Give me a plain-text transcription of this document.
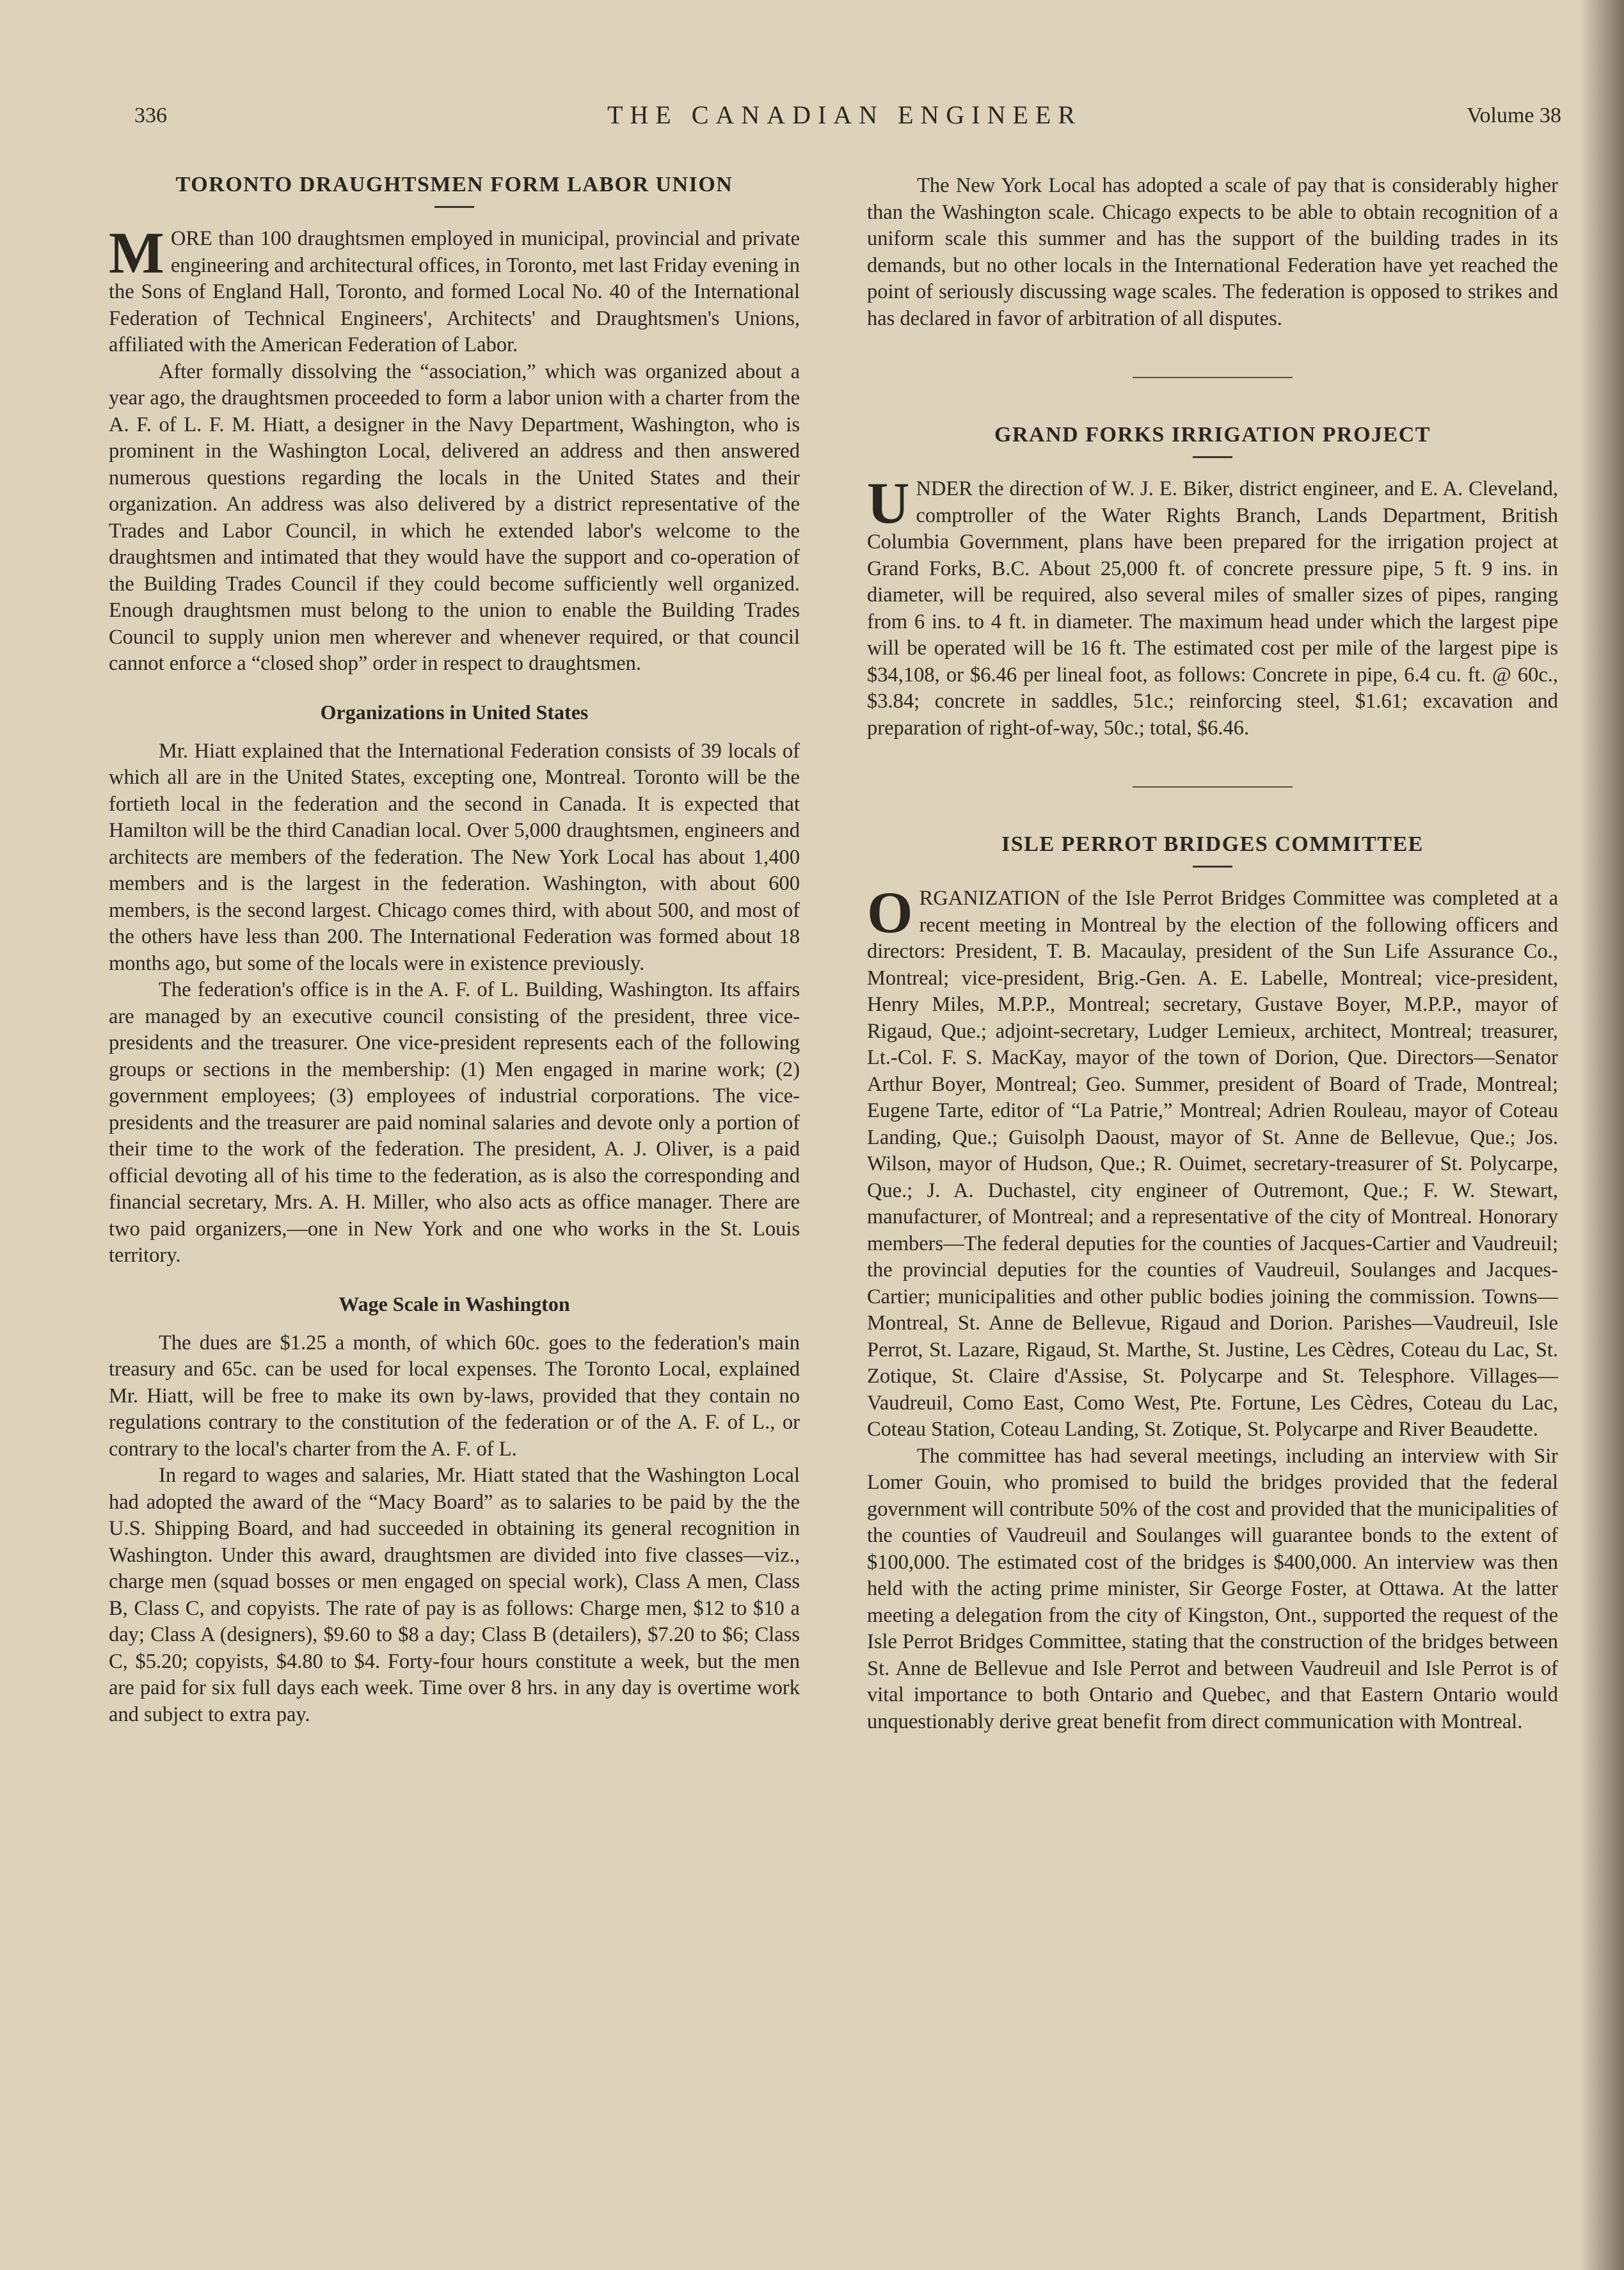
336	THE CANADIAN ENGINEER	Volume 38
TORONTO DRAUGHTSMEN FORM LABOR UNION

MORE than 100 draughtsmen employed in municipal, provincial and private engineering and architectural offices, in Toronto, met last Friday evening in the Sons of England Hall, Toronto, and formed Local No. 40 of the International Federation of Technical Engineers', Architects' and Draughtsmen's Unions, affiliated with the American Federation of Labor.

After formally dissolving the “association,” which was organized about a year ago, the draughtsmen proceeded to form a labor union with a charter from the A. F. of L. F. M. Hiatt, a designer in the Navy Department, Washington, who is prominent in the Washington Local, delivered an address and then answered numerous questions regarding the locals in the United States and their organization. An address was also delivered by a district representative of the Trades and Labor Council, in which he extended labor's welcome to the draughtsmen and intimated that they would have the support and co-operation of the Building Trades Council if they could become sufficiently well organized. Enough draughtsmen must belong to the union to enable the Building Trades Council to supply union men wherever and whenever required, or that council cannot enforce a “closed shop” order in respect to draughtsmen.

Organizations in United States

Mr. Hiatt explained that the International Federation consists of 39 locals of which all are in the United States, excepting one, Montreal. Toronto will be the fortieth local in the federation and the second in Canada. It is expected that Hamilton will be the third Canadian local. Over 5,000 draughtsmen, engineers and architects are members of the federation. The New York Local has about 1,400 members and is the largest in the federation. Washington, with about 600 members, is the second largest. Chicago comes third, with about 500, and most of the others have less than 200. The International Federation was formed about 18 months ago, but some of the locals were in existence previously.

The federation's office is in the A. F. of L. Building, Washington. Its affairs are managed by an executive council consisting of the president, three vice-presidents and the treasurer. One vice-president represents each of the following groups or sections in the membership: (1) Men engaged in marine work; (2) government employees; (3) employees of industrial corporations. The vice-presidents and the treasurer are paid nominal salaries and devote only a portion of their time to the work of the federation. The president, A. J. Oliver, is a paid official devoting all of his time to the federation, as is also the corresponding and financial secretary, Mrs. A. H. Miller, who also acts as office manager. There are two paid organizers,—one in New York and one who works in the St. Louis territory.

Wage Scale in Washington

The dues are $1.25 a month, of which 60c. goes to the federation's main treasury and 65c. can be used for local expenses. The Toronto Local, explained Mr. Hiatt, will be free to make its own by-laws, provided that they contain no regulations contrary to the constitution of the federation or of the A. F. of L., or contrary to the local's charter from the A. F. of L.

In regard to wages and salaries, Mr. Hiatt stated that the Washington Local had adopted the award of the “Macy Board” as to salaries to be paid by the the U.S. Shipping Board, and had succeeded in obtaining its general recognition in Washington. Under this award, draughtsmen are divided into five classes—viz., charge men (squad bosses or men engaged on special work), Class A men, Class B, Class C, and copyists. The rate of pay is as follows: Charge men, $12 to $10 a day; Class A (designers), $9.60 to $8 a day; Class B (detailers), $7.20 to $6; Class C, $5.20; copyists, $4.80 to $4. Forty-four hours constitute a week, but the men are paid for six full days each week. Time over 8 hrs. in any day is overtime work and subject to extra pay.

The New York Local has adopted a scale of pay that is considerably higher than the Washington scale. Chicago expects to be able to obtain recognition of a uniform scale this summer and has the support of the building trades in its demands, but no other locals in the International Federation have yet reached the point of seriously discussing wage scales. The federation is opposed to strikes and has declared in favor of arbitration of all disputes.

GRAND FORKS IRRIGATION PROJECT

UNDER the direction of W. J. E. Biker, district engineer, and E. A. Cleveland, comptroller of the Water Rights Branch, Lands Department, British Columbia Government, plans have been prepared for the irrigation project at Grand Forks, B.C. About 25,000 ft. of concrete pressure pipe, 5 ft. 9 ins. in diameter, will be required, also several miles of smaller sizes of pipes, ranging from 6 ins. to 4 ft. in diameter. The maximum head under which the largest pipe will be operated will be 16 ft. The estimated cost per mile of the largest pipe is $34,108, or $6.46 per lineal foot, as follows: Concrete in pipe, 6.4 cu. ft. @ 60c., $3.84; concrete in saddles, 51c.; reinforcing steel, $1.61; excavation and preparation of right-of-way, 50c.; total, $6.46.

ISLE PERROT BRIDGES COMMITTEE

ORGANIZATION of the Isle Perrot Bridges Committee was completed at a recent meeting in Montreal by the election of the following officers and directors: President, T. B. Macaulay, president of the Sun Life Assurance Co., Montreal; vice-president, Brig.-Gen. A. E. Labelle, Montreal; vice-president, Henry Miles, M.P.P., Montreal; secretary, Gustave Boyer, M.P.P., mayor of Rigaud, Que.; adjoint-secretary, Ludger Lemieux, architect, Montreal; treasurer, Lt.-Col. F. S. MacKay, mayor of the town of Dorion, Que. Directors—Senator Arthur Boyer, Montreal; Geo. Summer, president of Board of Trade, Montreal; Eugene Tarte, editor of “La Patrie,” Montreal; Adrien Rouleau, mayor of Coteau Landing, Que.; Guisolph Daoust, mayor of St. Anne de Bellevue, Que.; Jos. Wilson, mayor of Hudson, Que.; R. Ouimet, secretary-treasurer of St. Polycarpe, Que.; J. A. Duchastel, city engineer of Outremont, Que.; F. W. Stewart, manufacturer, of Montreal; and a representative of the city of Montreal. Honorary members—The federal deputies for the counties of Jacques-Cartier and Vaudreuil; the provincial deputies for the counties of Vaudreuil, Soulanges and Jacques-Cartier; municipalities and other public bodies joining the commission. Towns—Montreal, St. Anne de Bellevue, Rigaud and Dorion. Parishes—Vaudreuil, Isle Perrot, St. Lazare, Rigaud, St. Marthe, St. Justine, Les Cèdres, Coteau du Lac, St. Zotique, St. Claire d'Assise, St. Polycarpe and St. Telesphore. Villages—Vaudreuil, Como East, Como West, Pte. Fortune, Les Cèdres, Coteau du Lac, Coteau Station, Coteau Landing, St. Zotique, St. Polycarpe and River Beaudette.

The committee has had several meetings, including an interview with Sir Lomer Gouin, who promised to build the bridges provided that the federal government will contribute 50% of the cost and provided that the municipalities of the counties of Vaudreuil and Soulanges will guarantee bonds to the extent of $100,000. The estimated cost of the bridges is $400,000. An interview was then held with the acting prime minister, Sir George Foster, at Ottawa. At the latter meeting a delegation from the city of Kingston, Ont., supported the request of the Isle Perrot Bridges Committee, stating that the construction of the bridges between St. Anne de Bellevue and Isle Perrot and between Vaudreuil and Isle Perrot is of vital importance to both Ontario and Quebec, and that Eastern Ontario would unquestionably derive great benefit from direct communication with Montreal.
